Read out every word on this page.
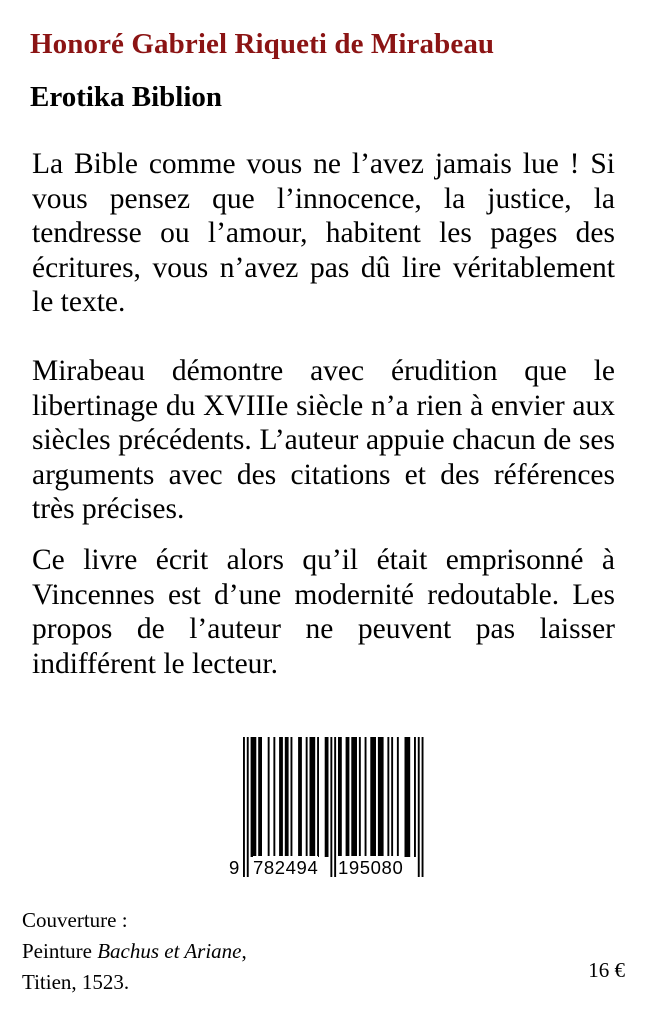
Honoré Gabriel Riqueti de Mirabeau
Erotika Biblion
La Bible comme vous ne l’avez jamais lue ! Si vous pensez que l’innocence, la justice, la tendresse ou l’amour, habitent les pages des écritures, vous n’avez pas dû lire véritablement le texte.
Mirabeau démontre avec érudition que le libertinage du XVIIIe siècle n’a rien à envier aux siècles précédents. L’auteur appuie chacun de ses arguments avec des citations et des références très précises.
Ce livre écrit alors qu’il était emprisonné à Vincennes est d’une modernité redoutable. Les propos de l’auteur ne peuvent pas laisser indifférent le lecteur.
9 782494 195080
Couverture :
Peinture Bachus et Ariane,
Titien, 1523.	16 €
